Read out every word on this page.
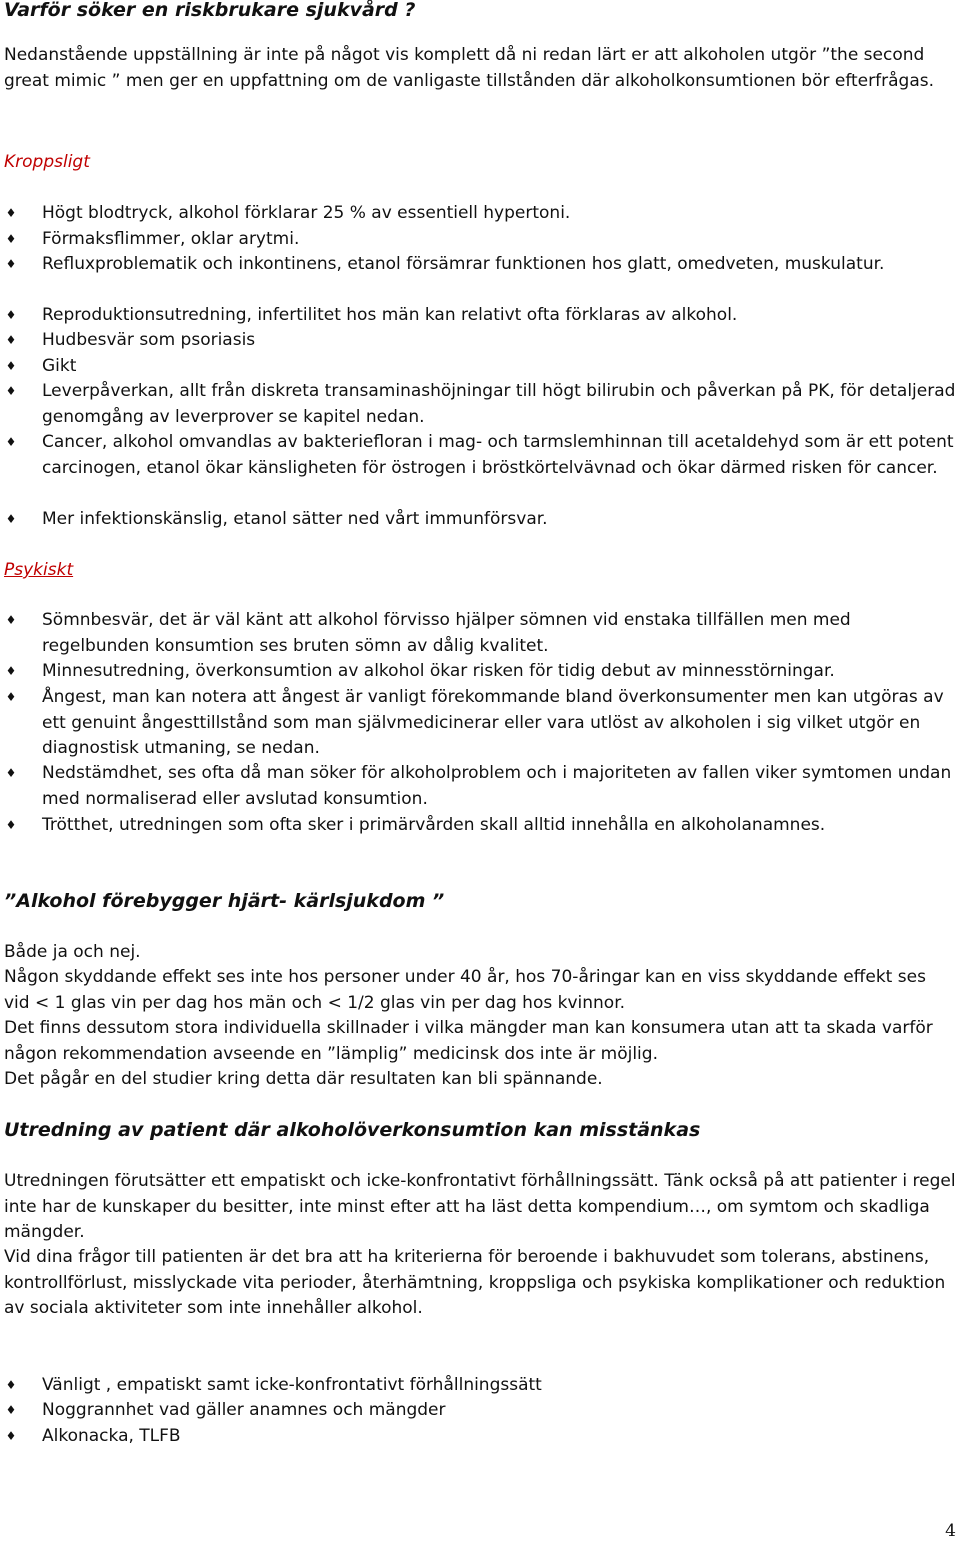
Varför söker en riskbrukare sjukvård ?

Nedanstående uppställning är inte på något vis komplett då ni redan lärt er att alkoholen utgör ”the second great mimic ” men ger en uppfattning om de vanligaste tillstånden där alkoholkonsumtionen bör efterfrågas.

Kroppsligt

♦ Högt blodtryck, alkohol förklarar 25 % av essentiell hypertoni.
♦ Förmaksflimmer, oklar arytmi.
♦ Refluxproblematik och inkontinens, etanol försämrar funktionen hos glatt, omedveten, muskulatur.
♦ Reproduktionsutredning, infertilitet hos män kan relativt ofta förklaras av alkohol.
♦ Hudbesvär som psoriasis
♦ Gikt
♦ Leverpåverkan, allt från diskreta transaminashöjningar till högt bilirubin och påverkan på PK, för detaljerad genomgång av leverprover se kapitel nedan.
♦ Cancer, alkohol omvandlas av bakteriefloran i mag- och tarmslemhinnan till acetaldehyd som är ett potent carcinogen, etanol ökar känsligheten för östrogen i bröstkörtelvävnad och ökar därmed risken för cancer.
♦ Mer infektionskänslig, etanol sätter ned vårt immunförsvar.

Psykiskt

♦ Sömnbesvär, det är väl känt att alkohol förvisso hjälper sömnen vid enstaka tillfällen men med regelbunden konsumtion ses bruten sömn av dålig kvalitet.
♦ Minnesutredning, överkonsumtion av alkohol ökar risken för tidig debut av minnesstörningar.
♦ Ångest, man kan notera att ångest är vanligt förekommande bland överkonsumenter men kan utgöras av ett genuint ångesttillstånd som man självmedicinerar eller vara utlöst av alkoholen i sig vilket utgör en diagnostisk utmaning, se nedan.
♦ Nedstämdhet, ses ofta då man söker för alkoholproblem och i majoriteten av fallen viker symtomen undan med normaliserad eller avslutad konsumtion.
♦ Trötthet, utredningen som ofta sker i primärvården skall alltid innehålla en alkoholanamnes.
”Alkohol förebygger hjärt- kärlsjukdom ”

Både ja och nej.

Någon skyddande effekt ses inte hos personer under 40 år, hos 70-åringar kan en viss skyddande effekt ses vid < 1 glas vin per dag hos män och < 1/2 glas vin per dag hos kvinnor.

Det finns dessutom stora individuella skillnader i vilka mängder man kan konsumera utan att ta skada varför någon rekommendation avseende en ”lämplig” medicinsk dos inte är möjlig.

Det pågår en del studier kring detta där resultaten kan bli spännande.

Utredning av patient där alkoholöverkonsumtion kan misstänkas

Utredningen förutsätter ett empatiskt och icke-konfrontativt förhållningssätt. Tänk också på att patienter i regel inte har de kunskaper du besitter, inte minst efter att ha läst detta kompendium…, om symtom och skadliga mängder.

Vid dina frågor till patienten är det bra att ha kriterierna för beroende i bakhuvudet som tolerans, abstinens, kontrollförlust, misslyckade vita perioder, återhämtning, kroppsliga och psykiska komplikationer och reduktion av sociala aktiviteter som inte innehåller alkohol.

♦ Vänligt , empatiskt samt icke-konfrontativt förhållningssätt
♦ Noggrannhet vad gäller anamnes och mängder
♦ Alkonacka, TLFB
4
